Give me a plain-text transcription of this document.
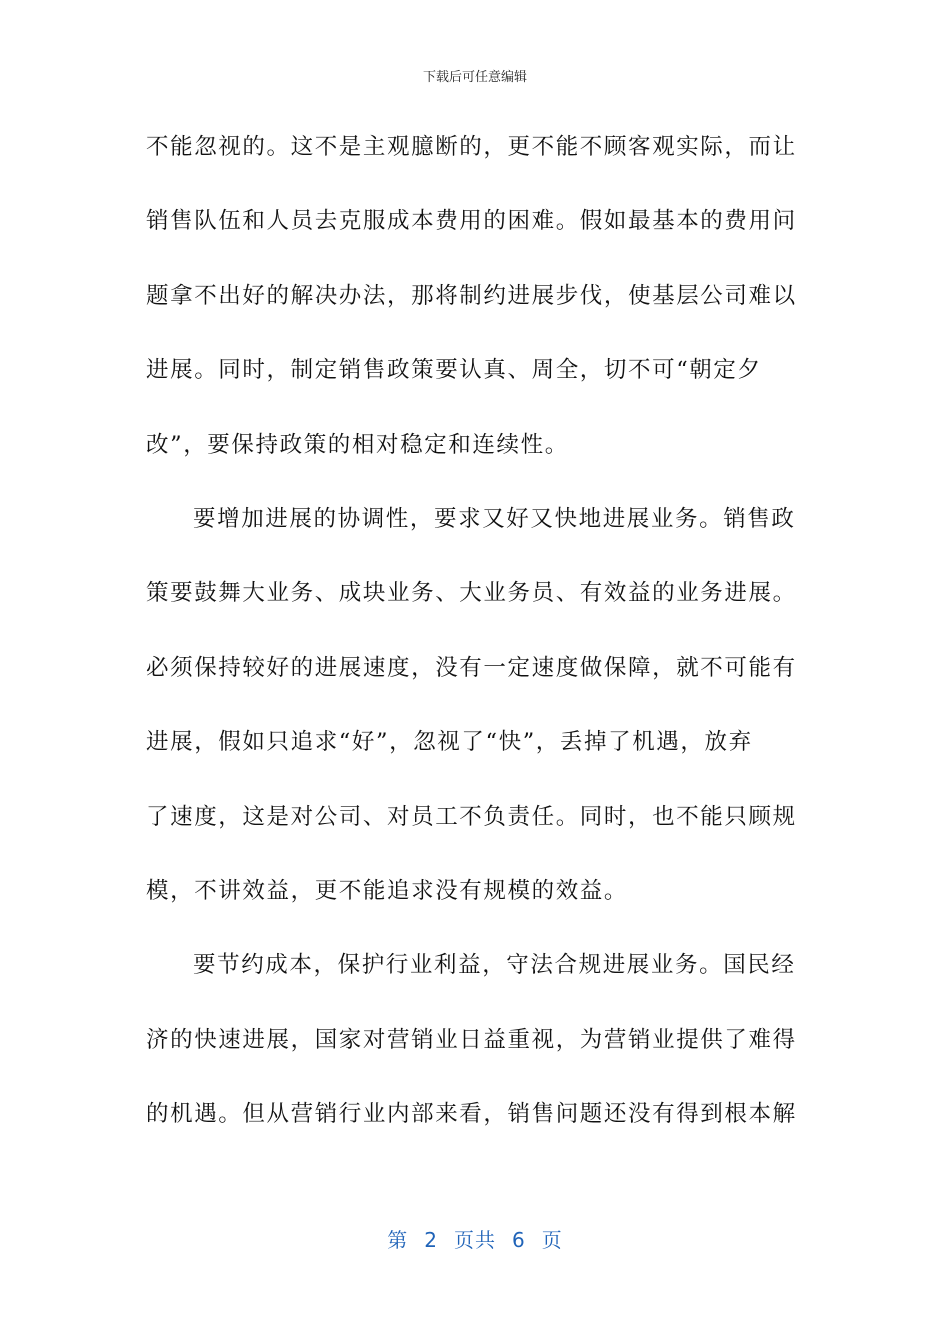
下载后可任意编辑
不能忽视的。这不是主观臆断的，更不能不顾客观实际，而让
销售队伍和人员去克服成本费用的困难。假如最基本的费用问
题拿不出好的解决办法，那将制约进展步伐，使基层公司难以
进展。同时，制定销售政策要认真、周全，切不可“朝定夕
改”，要保持政策的相对稳定和连续性。
要增加进展的协调性，要求又好又快地进展业务。销售政
策要鼓舞大业务、成块业务、大业务员、有效益的业务进展。
必须保持较好的进展速度，没有一定速度做保障，就不可能有
进展，假如只追求“好”，忽视了“快”，丢掉了机遇，放弃
了速度，这是对公司、对员工不负责任。同时，也不能只顾规
模，不讲效益，更不能追求没有规模的效益。
要节约成本，保护行业利益，守法合规进展业务。国民经
济的快速进展，国家对营销业日益重视，为营销业提供了难得
的机遇。但从营销行业内部来看，销售问题还没有得到根本解
第 2 页共 6 页
